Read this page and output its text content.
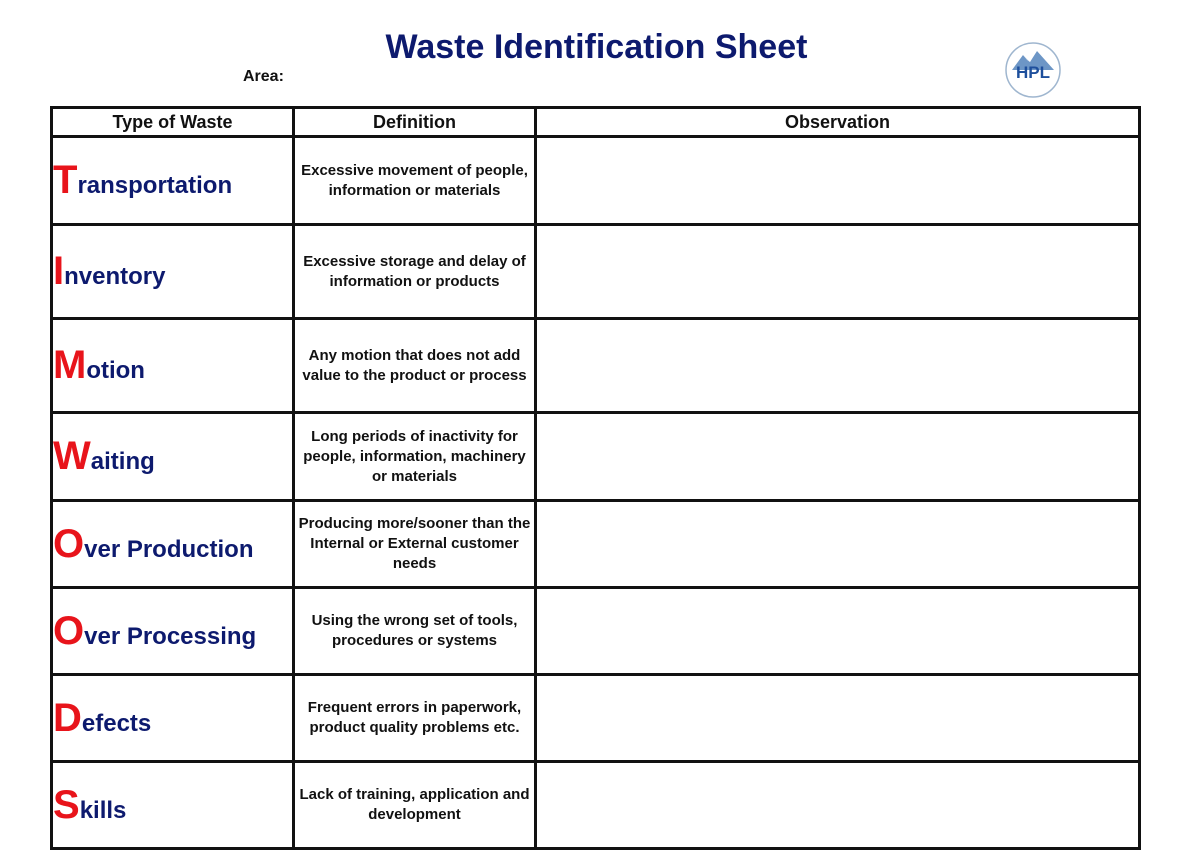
Waste Identification Sheet
Area:	HPL
Type of Waste	Definition	Observation
Transportation	Excessive movement of people, information or materials	
Inventory	Excessive storage and delay of information or products	
Motion	Any motion that does not add value to the product or process	
Waiting	Long periods of inactivity for people, information, machinery or materials	
Over Production	Producing more/sooner than the Internal or External customer needs	
Over Processing	Using the wrong set of tools, procedures or systems	
Defects	Frequent errors in paperwork, product quality problems etc.	
Skills	Lack of training, application and development	
